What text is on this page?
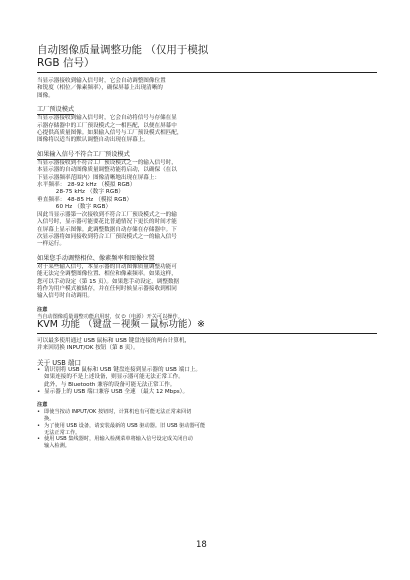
自动图像质量调整功能 （仅用于模拟

RGB 信号）

当显示器接收到输入信号时，它会自动调整图像位置

和锐度（相位／像素频率），确保屏幕上出现清晰的

图像。

工厂预设模式

当显示器接收到输入信号时，它会自动将信号与存储在显

示器存储器中的工厂预设模式之一相匹配，以便在屏幕中

心提供高质量图像。如果输入信号与工厂预设模式相匹配，

图像将以适当的默认调整自动出现在屏幕上。

如果输入信号不符合工厂预设模式

当显示器接收到不符合工厂预设模式之一的输入信号时，

本显示器的自动图像质量调整功能将启动，以确保（在以

下显示器频率范围内）图像清晰地出现在屏幕上：

水平频率： 28-92 kHz （模拟 RGB）

28-75 kHz （数字 RGB）

垂直频率： 48-85 Hz （模拟 RGB）

60 Hz （数字 RGB）

因此当显示器第一次接收到不符合工厂预设模式之一的输

入信号时，显示器可能要花比普通情况下更长的时间才能

在屏幕上显示图像。此调整数据自动存储在存储器中。下

次显示器将如同接收到符合工厂预设模式之一的输入信号

一样运行。

如果您手动调整相位、像素频率和图像位置

对于某些输入信号，本显示器的自动图像质量调整功能可

能无法完全调整图像位置、相位和像素频率。如果这样，

您可以手动设定（第 15 页）。如果您手动设定，调整数据

将作为用户模式被储存，并在任何时候显示器接收到相同

输入信号时自动调用。

注意

当自动图像质量调整功能启用时，仅 ⏻（电源）开关可以操作。

KVM 功能 （键盘－视频－鼠标功能）※

可以最多使用通过 USB 鼠标和 USB 键盘连接的两台计算机，

并来回切换 INPUT/OK 按钮（第 8 页）。

关于 USB 端口

• 请识别将 USB 鼠标和 USB 键盘连接到显示器的 USB 端口上。
如果连接的不是上述设备，则显示器可能无法正常工作。
此外，与 Bluetooth 兼容的设备可能无法正常工作。
• 显示器上的 USB 端口兼容 USB 全速 （最大 12 Mbps）。

注意

• 即使当按动 INPUT/OK 按钮时，计算机也有可能无法正常来回切
换。
• 为了使用 USB 设备，请安装最新的 USB 驱动器。旧 USB 驱动器可能
无法正常工作。
• 使用 USB 集线器时，用输入检测菜单将输入信号设定成关闭自动
输入检测。
18
